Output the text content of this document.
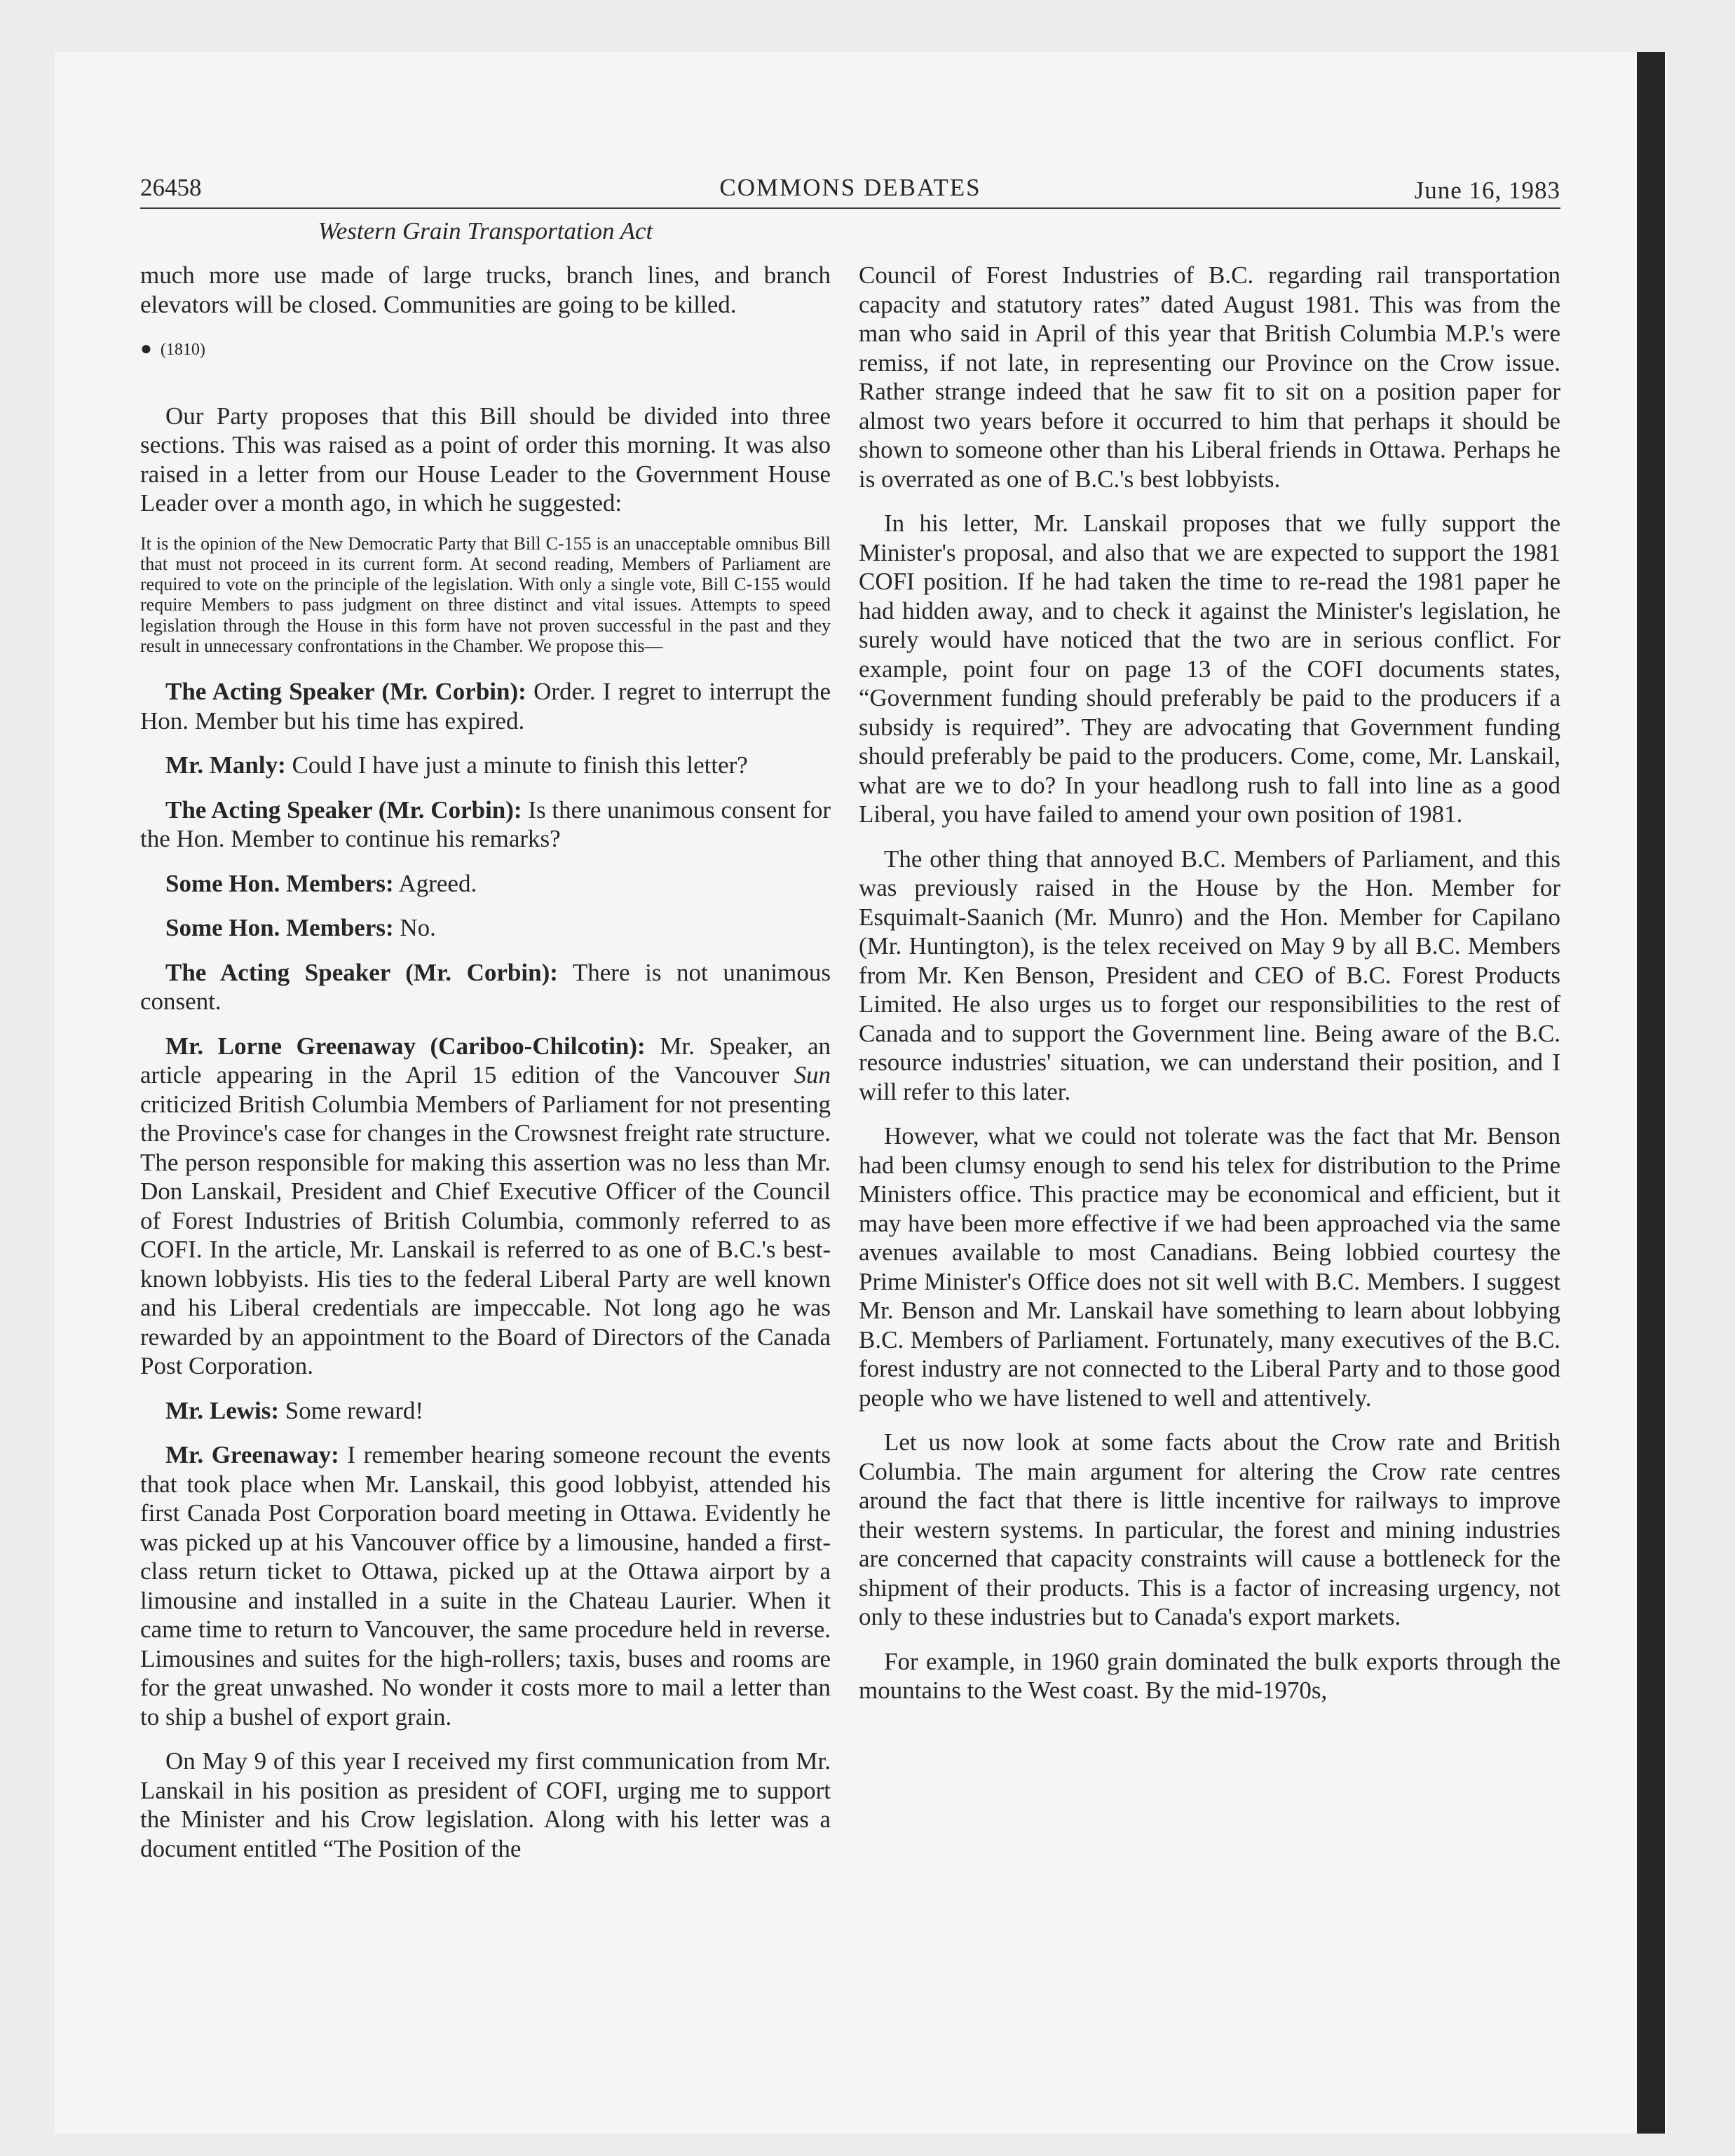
26458	COMMONS DEBATES	June 16, 1983
Western Grain Transportation Act

much more use made of large trucks, branch lines, and branch elevators will be closed. Communities are going to be killed.

● (1810)

Our Party proposes that this Bill should be divided into three sections. This was raised as a point of order this morning. It was also raised in a letter from our House Leader to the Government House Leader over a month ago, in which he suggested:

It is the opinion of the New Democratic Party that Bill C-155 is an unacceptable omnibus Bill that must not proceed in its current form. At second reading, Members of Parliament are required to vote on the principle of the legislation. With only a single vote, Bill C-155 would require Members to pass judgment on three distinct and vital issues. Attempts to speed legislation through the House in this form have not proven successful in the past and they result in unnecessary confrontations in the Chamber. We propose this—

The Acting Speaker (Mr. Corbin): Order. I regret to interrupt the Hon. Member but his time has expired.

Mr. Manly: Could I have just a minute to finish this letter?

The Acting Speaker (Mr. Corbin): Is there unanimous consent for the Hon. Member to continue his remarks?

Some Hon. Members: Agreed.

Some Hon. Members: No.

The Acting Speaker (Mr. Corbin): There is not unanimous consent.

Mr. Lorne Greenaway (Cariboo-Chilcotin): Mr. Speaker, an article appearing in the April 15 edition of the Vancouver Sun criticized British Columbia Members of Parliament for not presenting the Province's case for changes in the Crowsnest freight rate structure. The person responsible for making this assertion was no less than Mr. Don Lanskail, President and Chief Executive Officer of the Council of Forest Industries of British Columbia, commonly referred to as COFI. In the article, Mr. Lanskail is referred to as one of B.C.'s best-known lobbyists. His ties to the federal Liberal Party are well known and his Liberal credentials are impeccable. Not long ago he was rewarded by an appointment to the Board of Directors of the Canada Post Corporation.

Mr. Lewis: Some reward!

Mr. Greenaway: I remember hearing someone recount the events that took place when Mr. Lanskail, this good lobbyist, attended his first Canada Post Corporation board meeting in Ottawa. Evidently he was picked up at his Vancouver office by a limousine, handed a first-class return ticket to Ottawa, picked up at the Ottawa airport by a limousine and installed in a suite in the Chateau Laurier. When it came time to return to Vancouver, the same procedure held in reverse. Limousines and suites for the high-rollers; taxis, buses and rooms are for the great unwashed. No wonder it costs more to mail a letter than to ship a bushel of export grain.

On May 9 of this year I received my first communication from Mr. Lanskail in his position as president of COFI, urging me to support the Minister and his Crow legislation. Along with his letter was a document entitled “The Position of the

Council of Forest Industries of B.C. regarding rail transportation capacity and statutory rates” dated August 1981. This was from the man who said in April of this year that British Columbia M.P.'s were remiss, if not late, in representing our Province on the Crow issue. Rather strange indeed that he saw fit to sit on a position paper for almost two years before it occurred to him that perhaps it should be shown to someone other than his Liberal friends in Ottawa. Perhaps he is overrated as one of B.C.'s best lobbyists.

In his letter, Mr. Lanskail proposes that we fully support the Minister's proposal, and also that we are expected to support the 1981 COFI position. If he had taken the time to re-read the 1981 paper he had hidden away, and to check it against the Minister's legislation, he surely would have noticed that the two are in serious conflict. For example, point four on page 13 of the COFI documents states, “Government funding should preferably be paid to the producers if a subsidy is required”. They are advocating that Government funding should preferably be paid to the producers. Come, come, Mr. Lanskail, what are we to do? In your headlong rush to fall into line as a good Liberal, you have failed to amend your own position of 1981.

The other thing that annoyed B.C. Members of Parliament, and this was previously raised in the House by the Hon. Member for Esquimalt-Saanich (Mr. Munro) and the Hon. Member for Capilano (Mr. Huntington), is the telex received on May 9 by all B.C. Members from Mr. Ken Benson, President and CEO of B.C. Forest Products Limited. He also urges us to forget our responsibilities to the rest of Canada and to support the Government line. Being aware of the B.C. resource industries' situation, we can understand their position, and I will refer to this later.

However, what we could not tolerate was the fact that Mr. Benson had been clumsy enough to send his telex for distribution to the Prime Ministers office. This practice may be economical and efficient, but it may have been more effective if we had been approached via the same avenues available to most Canadians. Being lobbied courtesy the Prime Minister's Office does not sit well with B.C. Members. I suggest Mr. Benson and Mr. Lanskail have something to learn about lobbying B.C. Members of Parliament. Fortunately, many executives of the B.C. forest industry are not connected to the Liberal Party and to those good people who we have listened to well and attentively.

Let us now look at some facts about the Crow rate and British Columbia. The main argument for altering the Crow rate centres around the fact that there is little incentive for railways to improve their western systems. In particular, the forest and mining industries are concerned that capacity constraints will cause a bottleneck for the shipment of their products. This is a factor of increasing urgency, not only to these industries but to Canada's export markets.

For example, in 1960 grain dominated the bulk exports through the mountains to the West coast. By the mid-1970s,
